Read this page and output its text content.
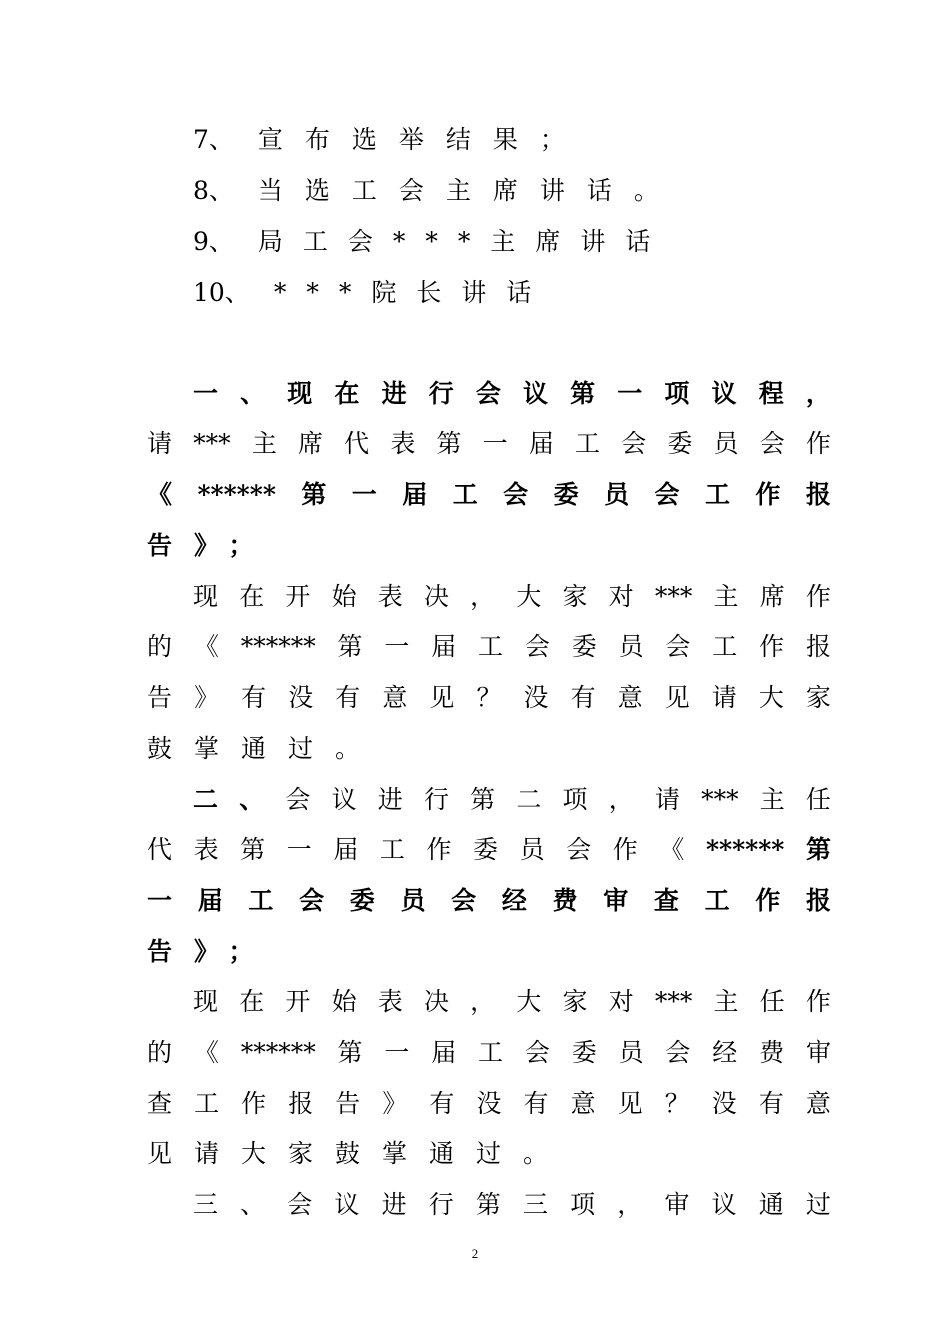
7、 宣布选举结果；
8、 当选工会主席讲话。
9、 局工会***主席讲话
10、 ***院长讲话
一 、 现 在 进 行 会 议 第 一 项 议 程 ，
请 *** 主 席 代 表 第 一 届 工 会 委 员 会 作
《 ****** 第 一 届 工 会 委 员 会 工 作 报
告》；
现 在 开 始 表 决 ， 大 家 对 *** 主 席 作
的 《 ****** 第 一 届 工 会 委 员 会 工 作 报
告 》 有 没 有 意 见 ？ 没 有 意 见 请 大 家
鼓掌通过。
二 、 会 议 进 行 第 二 项 ， 请 *** 主 任
代 表 第 一 届 工 作 委 员 会 作 《 ****** 第
一 届 工 会 委 员 会 经 费 审 查 工 作 报
告》；
现 在 开 始 表 决 ， 大 家 对 *** 主 任 作
的 《 ****** 第 一 届 工 会 委 员 会 经 费 审
查 工 作 报 告 》 有 没 有 意 见 ？ 没 有 意
见请大家鼓掌通过。
三 、 会 议 进 行 第 三 项 ， 审 议 通 过
2
